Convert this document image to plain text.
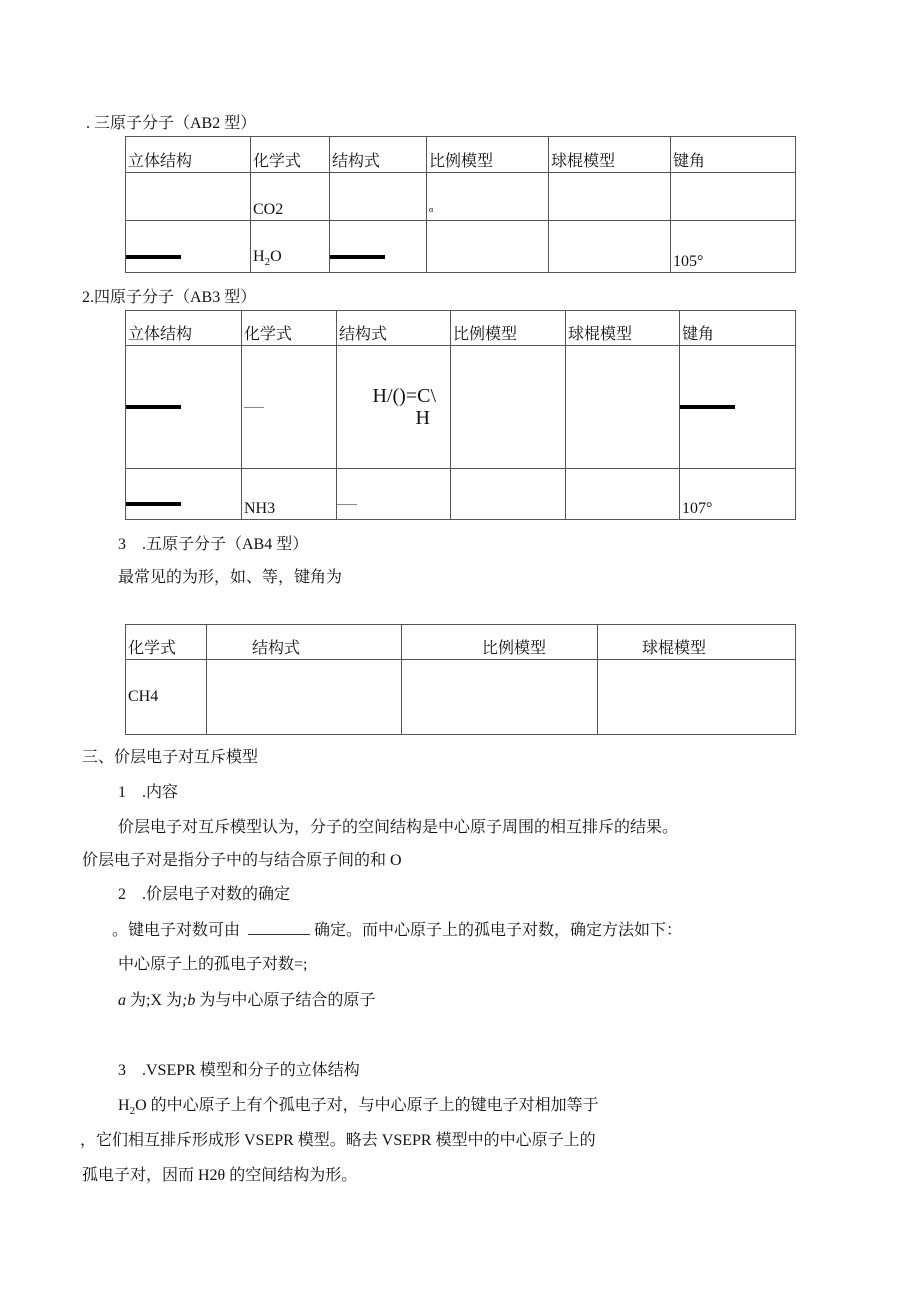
. 三原子分子（AB2 型）
立体结构	化学式	结构式	比例模型	球棍模型	键角
	CO2		α		
	$H_2O$				105°
2.四原子分子（AB3 型）
立体结构	化学式	结构式	比例模型	球棍模型	键角

		H/()=C\
H			

	NH3				107°
3　.五原子分子（AB4 型）
最常见的为形，如、等，键角为
化学式	结构式	比例模型	球棍模型
CH4			
三、价层电子对互斥模型
1　.内容
价层电子对互斥模型认为，分子的空间结构是中心原子周围的相互排斥的结果。
价层电子对是指分子中的与结合原子间的和 O
2　.价层电子对数的确定
。键电子对数可由	确定。而中心原子上的孤电子对数，确定方法如下：
中心原子上的孤电子对数=;
a 为;X 为;b 为与中心原子结合的原子
3　.VSEPR 模型和分子的立体结构
$H_2O$ 的中心原子上有个孤电子对，与中心原子上的键电子对相加等于
，它们相互排斥形成形 VSEPR 模型。略去 VSEPR 模型中的中心原子上的
孤电子对，因而 H2θ 的空间结构为形。
